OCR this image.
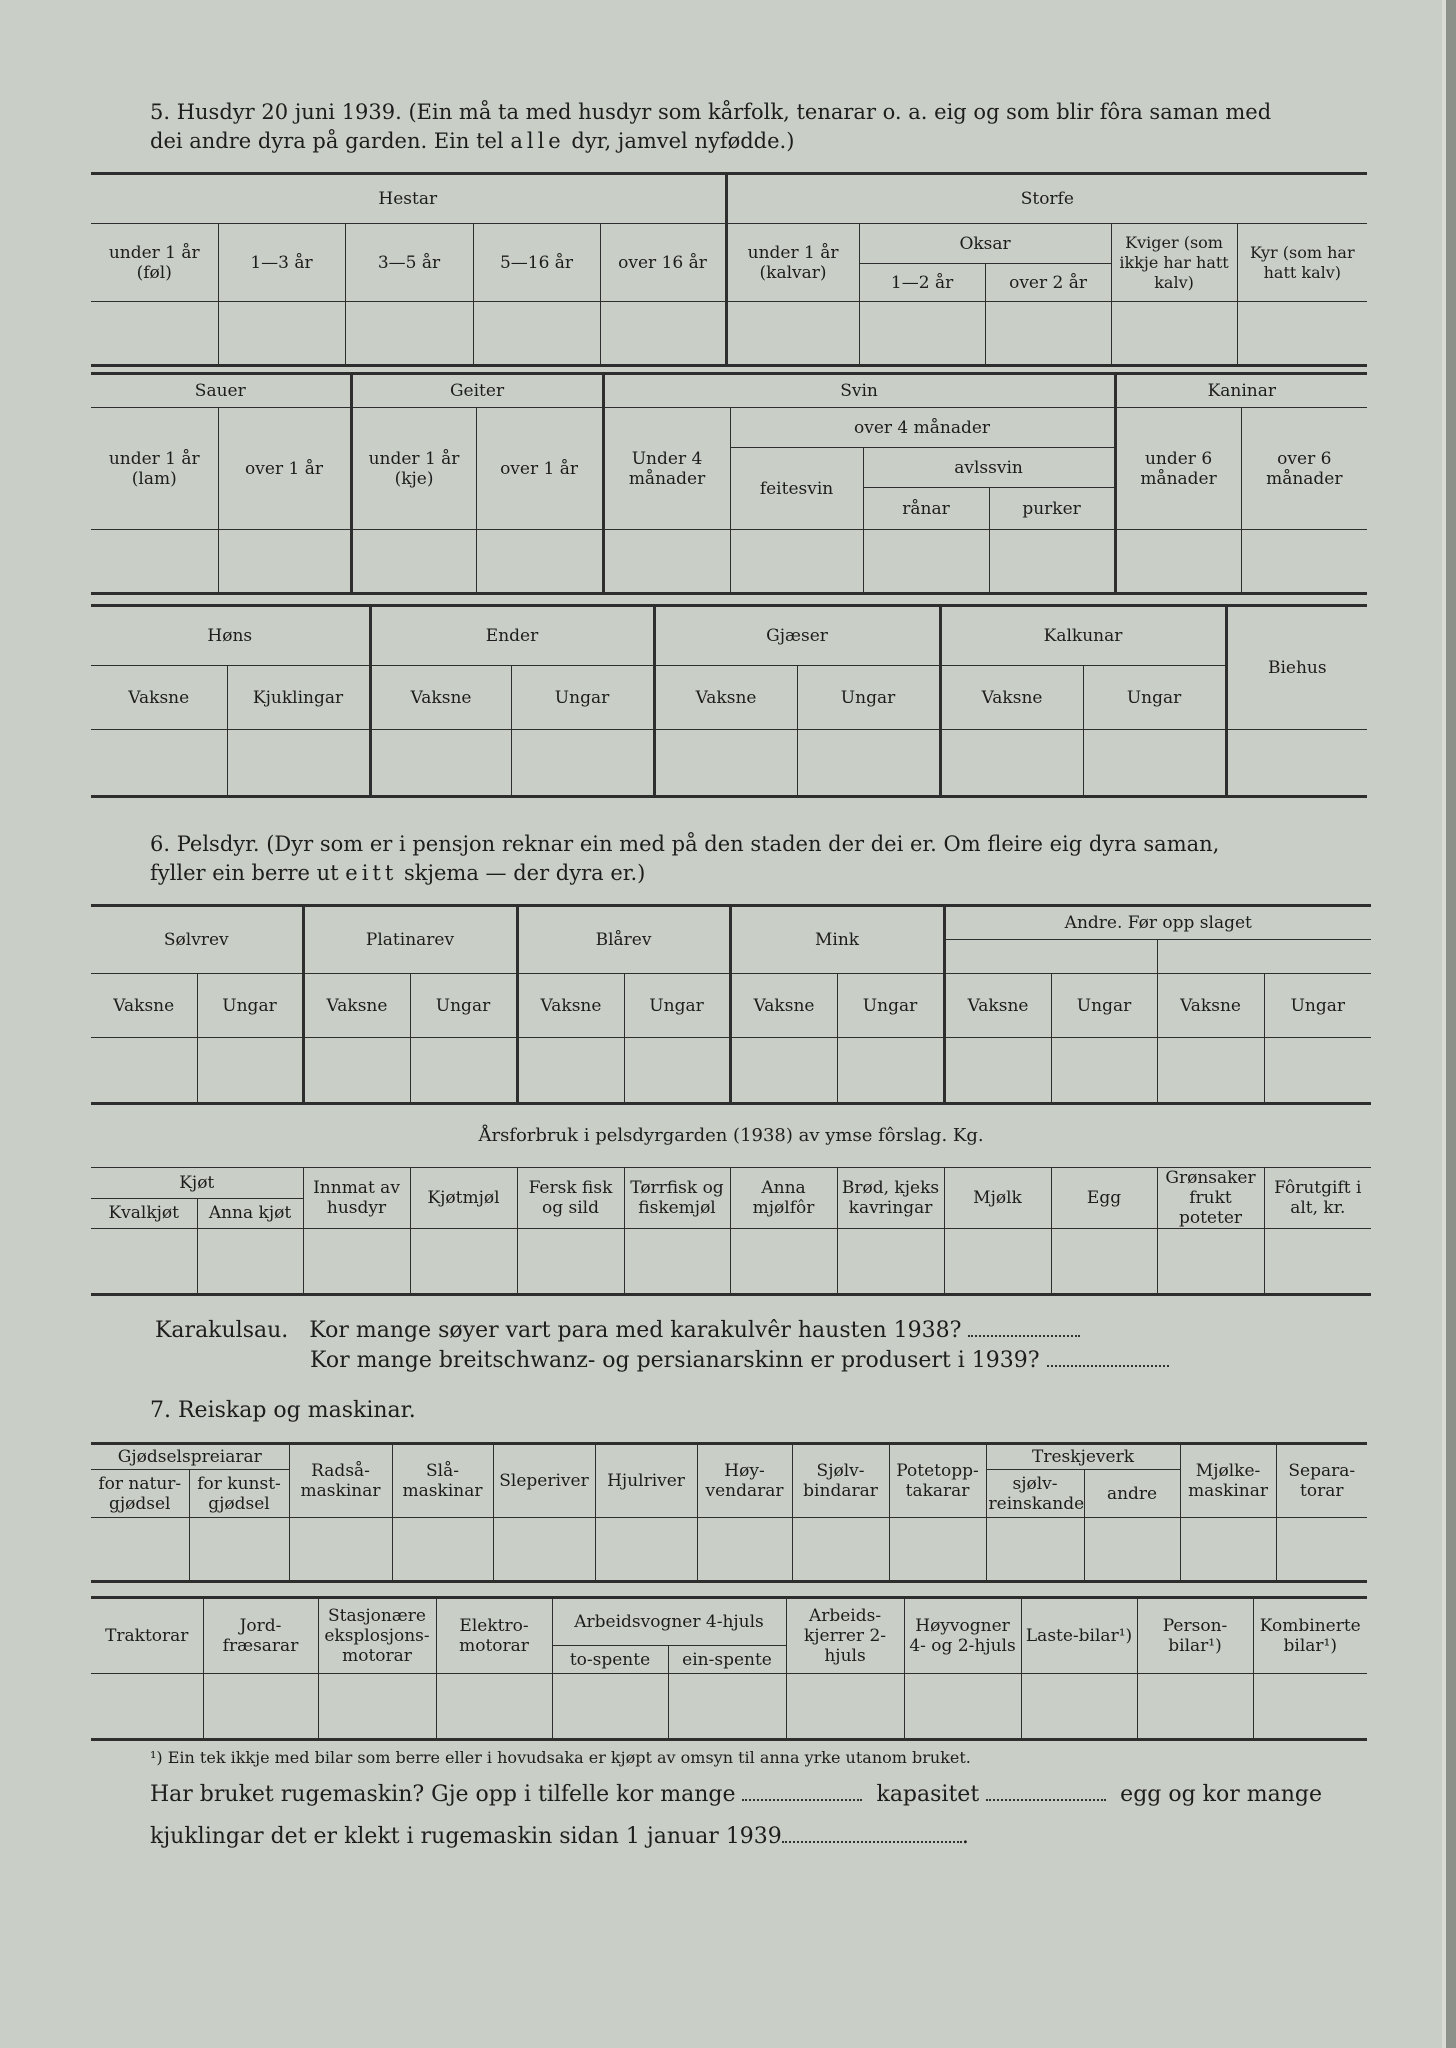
5. Husdyr 20 juni 1939. (Ein må ta med husdyr som kårfolk, tenarar o. a. eig og som blir fôra saman med
dei andre dyra på garden. Ein tel alle dyr, jamvel nyfødde.)
Hestar					Storfe				
under 1 år (føl)	1—3 år	3—5 år	5—16 år	over 16 år	under 1 år (kalvar)	Oksar		Kviger (som ikkje har hatt kalv)	Kyr (som har hatt kalv)
						1—2 år	over 2 år		

Sauer		Geiter		Svin				Kaninar	
under 1 år (lam)	over 1 år	under 1 år (kje)	over 1 år	Under 4 månader	over 4 månader			under 6 månader	over 6 månader
					feitesvin	avlssvin			
						rånar	purker		

Høns		Ender		Gjæser		Kalkunar		Biehus
Vaksne	Kjuklingar	Vaksne	Ungar	Vaksne	Ungar	Vaksne	Ungar	

6. Pelsdyr. (Dyr som er i pensjon reknar ein med på den staden der dei er. Om fleire eig dyra saman,
fyller ein berre ut eitt skjema — der dyra er.)
Sølvrev		Platinarev		Blårev		Mink		Andre. Før opp slaget			

Vaksne	Ungar	Vaksne	Ungar	Vaksne	Ungar	Vaksne	Ungar	Vaksne	Ungar	Vaksne	Ungar

Årsforbruk i pelsdyrgarden (1938) av ymse fôrslag. Kg.											
Kjøt		Innmat av husdyr	Kjøtmjøl	Fersk fisk og sild	Tørrfisk og fiskemjøl	Anna mjølfôr	Brød, kjeks kavringar	Mjølk	Egg	Grønsaker frukt poteter	Fôrutgift i alt, kr.
Kvalkjøt	Anna kjøt										

Karakulsau. Kor mange søyer vart para med karakulvêr hausten 1938?
Kor mange breitschwanz- og persianarskinn er produsert i 1939?
7. Reiskap og maskinar.
Gjødselspreiarar		Radså-maskinar	Slå-maskinar	Sleperiver	Hjulriver	Høy-vendarar	Sjølv-bindarar	Potetopp-takarar	Treskjeverk		Mjølke-maskinar	Separa-torar
for natur-gjødsel	for kunst-gjødsel								sjølv-reinskande	andre		

Traktorar	Jord-fræsarar	Stasjonære eksplosjons-motorar	Elektro-motorar	Arbeidsvogner 4-hjuls		Arbeids-kjerrer 2-hjuls	Høyvogner 4- og 2-hjuls	Laste-bilar¹)	Person-bilar¹)	Kombinerte bilar¹)
				to-spente	ein-spente					

¹) Ein tek ikkje med bilar som berre eller i hovudsaka er kjøpt av omsyn til anna yrke utanom bruket.
Har bruket rugemaskin? Gje opp i tilfelle kor mange	kapasitet	egg og kor mange
kjuklingar det er klekt i rugemaskin sidan 1 januar 1939	.
